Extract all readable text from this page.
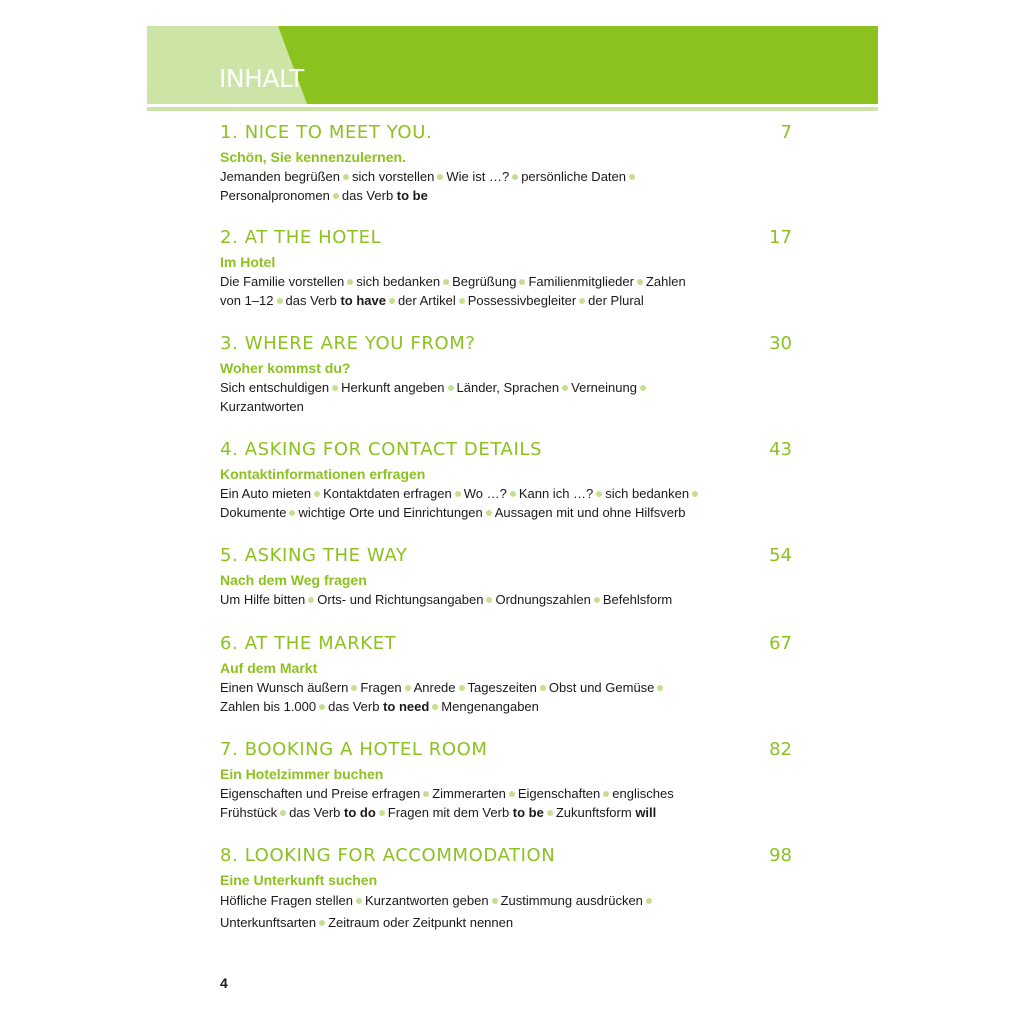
INHALT
1. NICE TO MEET YOU.	7
Schön, Sie kennenzulernen.
Jemanden begrüßen sich vorstellen Wie ist …? persönliche Daten
Personalpronomen das Verb to be
2. AT THE HOTEL	17
Im Hotel
Die Familie vorstellen sich bedanken Begrüßung Familienmitglieder Zahlen
von 1–12 das Verb to have der Artikel Possessivbegleiter der Plural
3. WHERE ARE YOU FROM?	30
Woher kommst du?
Sich entschuldigen Herkunft angeben Länder, Sprachen Verneinung
Kurzantworten
4. ASKING FOR CONTACT DETAILS	43
Kontaktinformationen erfragen
Ein Auto mieten Kontaktdaten erfragen Wo …? Kann ich …? sich bedanken
Dokumente wichtige Orte und Einrichtungen Aussagen mit und ohne Hilfsverb
5. ASKING THE WAY	54
Nach dem Weg fragen
Um Hilfe bitten Orts- und Richtungsangaben Ordnungszahlen Befehlsform
6. AT THE MARKET	67
Auf dem Markt
Einen Wunsch äußern Fragen Anrede Tageszeiten Obst und Gemüse
Zahlen bis 1.000 das Verb to need Mengenangaben
7. BOOKING A HOTEL ROOM	82
Ein Hotelzimmer buchen
Eigenschaften und Preise erfragen Zimmerarten Eigenschaften englisches
Frühstück das Verb to do Fragen mit dem Verb to be Zukunftsform will
8. LOOKING FOR ACCOMMODATION	98
Eine Unterkunft suchen
Höfliche Fragen stellen Kurzantworten geben Zustimmung ausdrücken
Unterkunftsarten Zeitraum oder Zeitpunkt nennen
4
